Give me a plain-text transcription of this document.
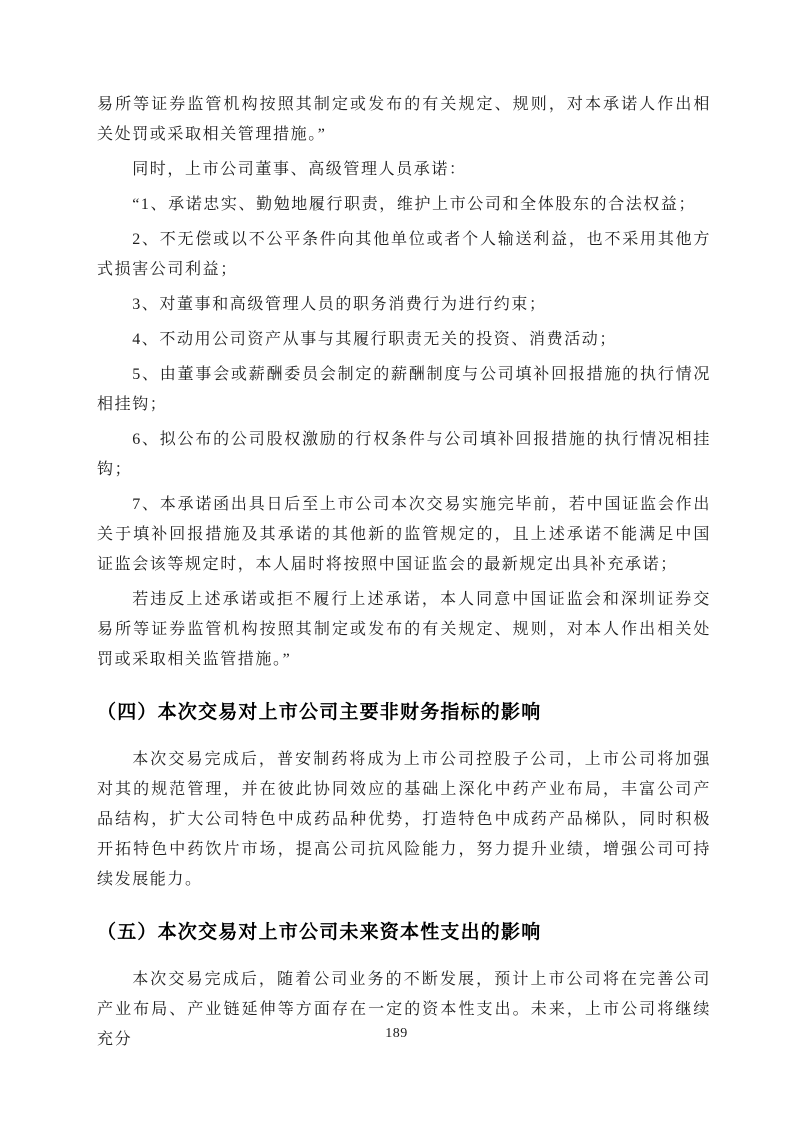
易所等证券监管机构按照其制定或发布的有关规定、规则，对本承诺人作出相关处罚或采取相关管理措施。”

同时，上市公司董事、高级管理人员承诺：

“1、承诺忠实、勤勉地履行职责，维护上市公司和全体股东的合法权益；

2、不无偿或以不公平条件向其他单位或者个人输送利益，也不采用其他方式损害公司利益；

3、对董事和高级管理人员的职务消费行为进行约束；

4、不动用公司资产从事与其履行职责无关的投资、消费活动；

5、由董事会或薪酬委员会制定的薪酬制度与公司填补回报措施的执行情况相挂钩；

6、拟公布的公司股权激励的行权条件与公司填补回报措施的执行情况相挂钩；

7、本承诺函出具日后至上市公司本次交易实施完毕前，若中国证监会作出关于填补回报措施及其承诺的其他新的监管规定的，且上述承诺不能满足中国证监会该等规定时，本人届时将按照中国证监会的最新规定出具补充承诺；

若违反上述承诺或拒不履行上述承诺，本人同意中国证监会和深圳证券交易所等证券监管机构按照其制定或发布的有关规定、规则，对本人作出相关处罚或采取相关监管措施。”

（四）本次交易对上市公司主要非财务指标的影响

本次交易完成后，普安制药将成为上市公司控股子公司，上市公司将加强对其的规范管理，并在彼此协同效应的基础上深化中药产业布局，丰富公司产品结构，扩大公司特色中成药品种优势，打造特色中成药产品梯队，同时积极开拓特色中药饮片市场，提高公司抗风险能力，努力提升业绩，增强公司可持续发展能力。

（五）本次交易对上市公司未来资本性支出的影响

本次交易完成后，随着公司业务的不断发展，预计上市公司将在完善公司产业布局、产业链延伸等方面存在一定的资本性支出。未来，上市公司将继续充分	189
